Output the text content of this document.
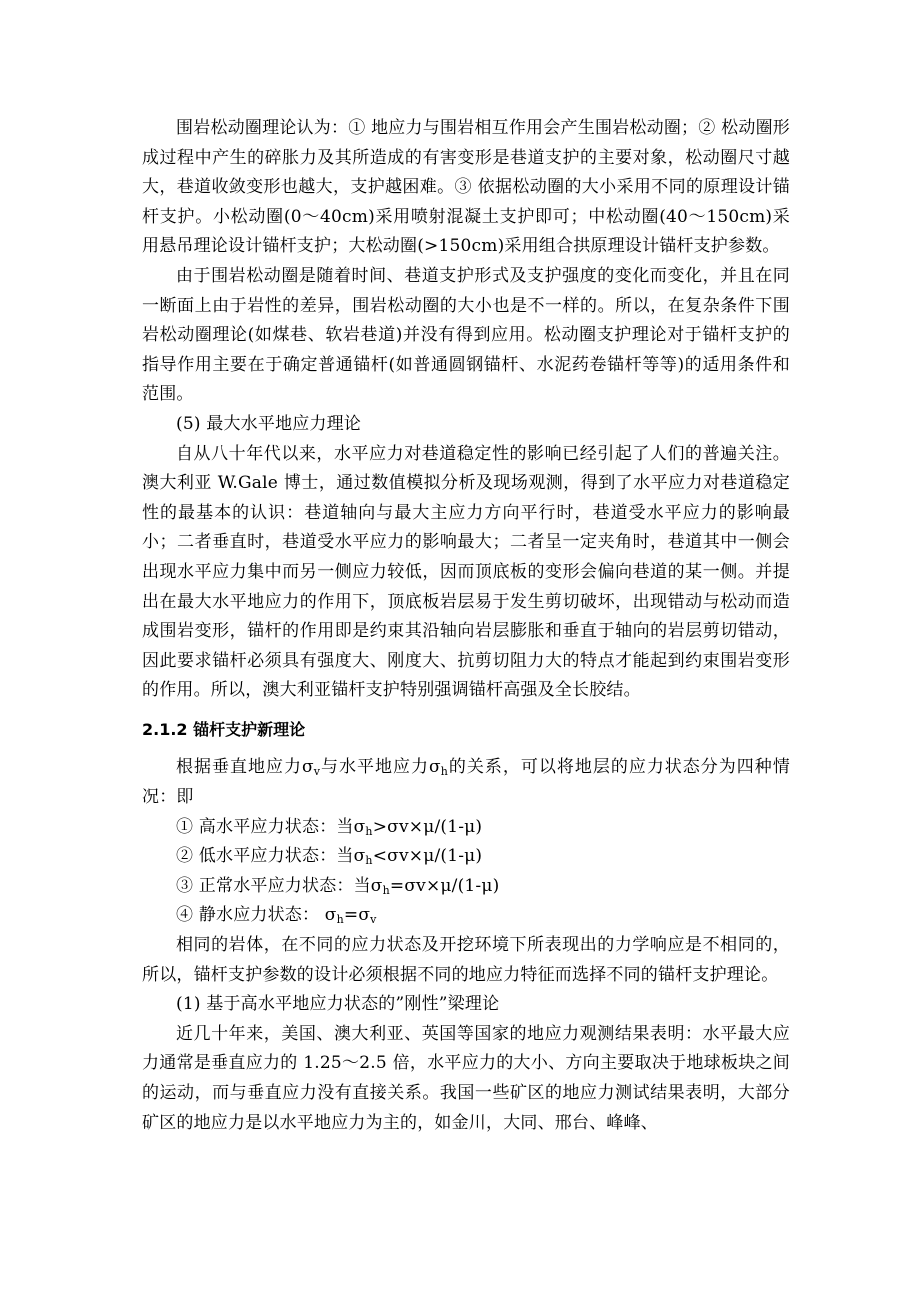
围岩松动圈理论认为：① 地应力与围岩相互作用会产生围岩松动圈；② 松动圈形成过程中产生的碎胀力及其所造成的有害变形是巷道支护的主要对象，松动圈尺寸越大，巷道收敛变形也越大，支护越困难。③ 依据松动圈的大小采用不同的原理设计锚杆支护。小松动圈(0～40cm)采用喷射混凝土支护即可；中松动圈(40～150cm)采用悬吊理论设计锚杆支护；大松动圈(>150cm)采用组合拱原理设计锚杆支护参数。

由于围岩松动圈是随着时间、巷道支护形式及支护强度的变化而变化，并且在同一断面上由于岩性的差异，围岩松动圈的大小也是不一样的。所以，在复杂条件下围岩松动圈理论(如煤巷、软岩巷道)并没有得到应用。松动圈支护理论对于锚杆支护的指导作用主要在于确定普通锚杆(如普通圆钢锚杆、水泥药卷锚杆等等)的适用条件和范围。

(5) 最大水平地应力理论

自从八十年代以来，水平应力对巷道稳定性的影响已经引起了人们的普遍关注。澳大利亚 W.Gale 博士，通过数值模拟分析及现场观测，得到了水平应力对巷道稳定性的最基本的认识：巷道轴向与最大主应力方向平行时，巷道受水平应力的影响最小；二者垂直时，巷道受水平应力的影响最大；二者呈一定夹角时，巷道其中一侧会出现水平应力集中而另一侧应力较低，因而顶底板的变形会偏向巷道的某一侧。并提出在最大水平地应力的作用下，顶底板岩层易于发生剪切破坏，出现错动与松动而造成围岩变形，锚杆的作用即是约束其沿轴向岩层膨胀和垂直于轴向的岩层剪切错动，因此要求锚杆必须具有强度大、刚度大、抗剪切阻力大的特点才能起到约束围岩变形的作用。所以，澳大利亚锚杆支护特别强调锚杆高强及全长胶结。

2.1.2 锚杆支护新理论

根据垂直地应力$\sigma_v$与水平地应力$\sigma_h$的关系，可以将地层的应力状态分为四种情况：即

① 高水平应力状态：当$\sigma_h>\sigma v\times\mu/(1-\mu)$

② 低水平应力状态：当$\sigma_h<\sigma v\times\mu/(1-\mu)$

③ 正常水平应力状态：当$\sigma_h=\sigma v\times\mu/(1-\mu)$

④ 静水应力状态： $\sigma_h=\sigma_v$

相同的岩体，在不同的应力状态及开挖环境下所表现出的力学响应是不相同的，所以，锚杆支护参数的设计必须根据不同的地应力特征而选择不同的锚杆支护理论。

(1) 基于高水平地应力状态的”刚性”梁理论

近几十年来，美国、澳大利亚、英国等国家的地应力观测结果表明：水平最大应力通常是垂直应力的 1.25～2.5 倍，水平应力的大小、方向主要取决于地球板块之间的运动，而与垂直应力没有直接关系。我国一些矿区的地应力测试结果表明，大部分矿区的地应力是以水平地应力为主的，如金川，大同、邢台、峰峰、
